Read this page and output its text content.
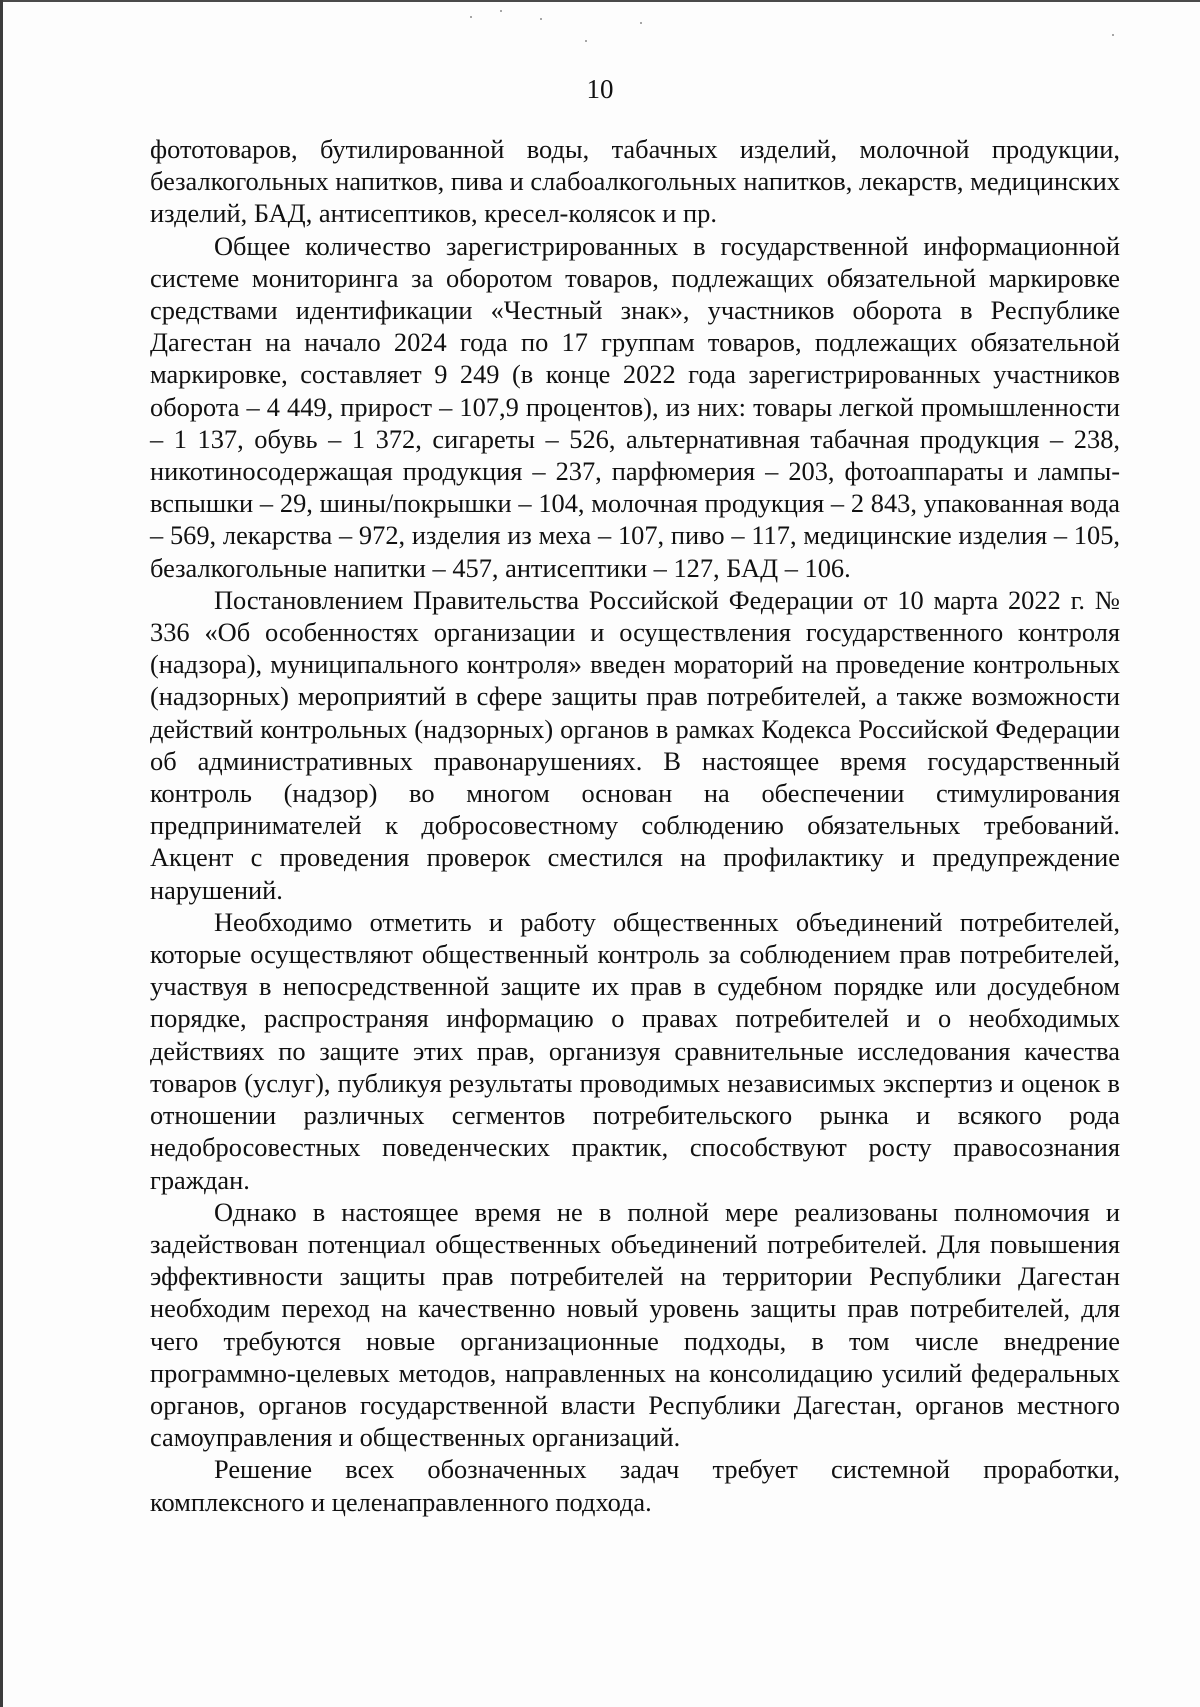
10

фототоваров, бутилированной воды, табачных изделий, молочной продукции, безалкогольных напитков, пива и слабоалкогольных напитков, лекарств, медицинских изделий, БАД, антисептиков, кресел-колясок и пр.

Общее количество зарегистрированных в государственной информационной системе мониторинга за оборотом товаров, подлежащих обязательной маркировке средствами идентификации «Честный знак», участников оборота в Республике Дагестан на начало 2024 года по 17 группам товаров, подлежащих обязательной маркировке, составляет 9 249 (в конце 2022 года зарегистрированных участников оборота – 4 449, прирост – 107,9 процентов), из них: товары легкой промышленности – 1 137, обувь – 1 372, сигареты – 526, альтернативная табачная продукция – 238, никотиносодержащая продукция – 237, парфюмерия – 203, фотоаппараты и лампы-вспышки – 29, шины/покрышки – 104, молочная продукция – 2 843, упакованная вода – 569, лекарства – 972, изделия из меха – 107, пиво – 117, медицинские изделия – 105, безалкогольные напитки – 457, антисептики – 127, БАД – 106.

Постановлением Правительства Российской Федерации от 10 марта 2022 г. № 336 «Об особенностях организации и осуществления государственного контроля (надзора), муниципального контроля» введен мораторий на проведение контрольных (надзорных) мероприятий в сфере защиты прав потребителей, а также возможности действий контрольных (надзорных) органов в рамках Кодекса Российской Федерации об административных правонарушениях. В настоящее время государственный контроль (надзор) во многом основан на обеспечении стимулирования предпринимателей к добросовестному соблюдению обязательных требований. Акцент с проведения проверок сместился на профилактику и предупреждение нарушений.

Необходимо отметить и работу общественных объединений потребителей, которые осуществляют общественный контроль за соблюдением прав потребителей, участвуя в непосредственной защите их прав в судебном порядке или досудебном порядке, распространяя информацию о правах потребителей и о необходимых действиях по защите этих прав, организуя сравнительные исследования качества товаров (услуг), публикуя результаты проводимых независимых экспертиз и оценок в отношении различных сегментов потребительского рынка и всякого рода недобросовестных поведенческих практик, способствуют росту правосознания граждан.

Однако в настоящее время не в полной мере реализованы полномочия и задействован потенциал общественных объединений потребителей. Для повышения эффективности защиты прав потребителей на территории Республики Дагестан необходим переход на качественно новый уровень защиты прав потребителей, для чего требуются новые организационные подходы, в том числе внедрение программно-целевых методов, направленных на консолидацию усилий федеральных органов, органов государственной власти Республики Дагестан, органов местного самоуправления и общественных организаций.

Решение всех обозначенных задач требует системной проработки, комплексного и целенаправленного подхода.
